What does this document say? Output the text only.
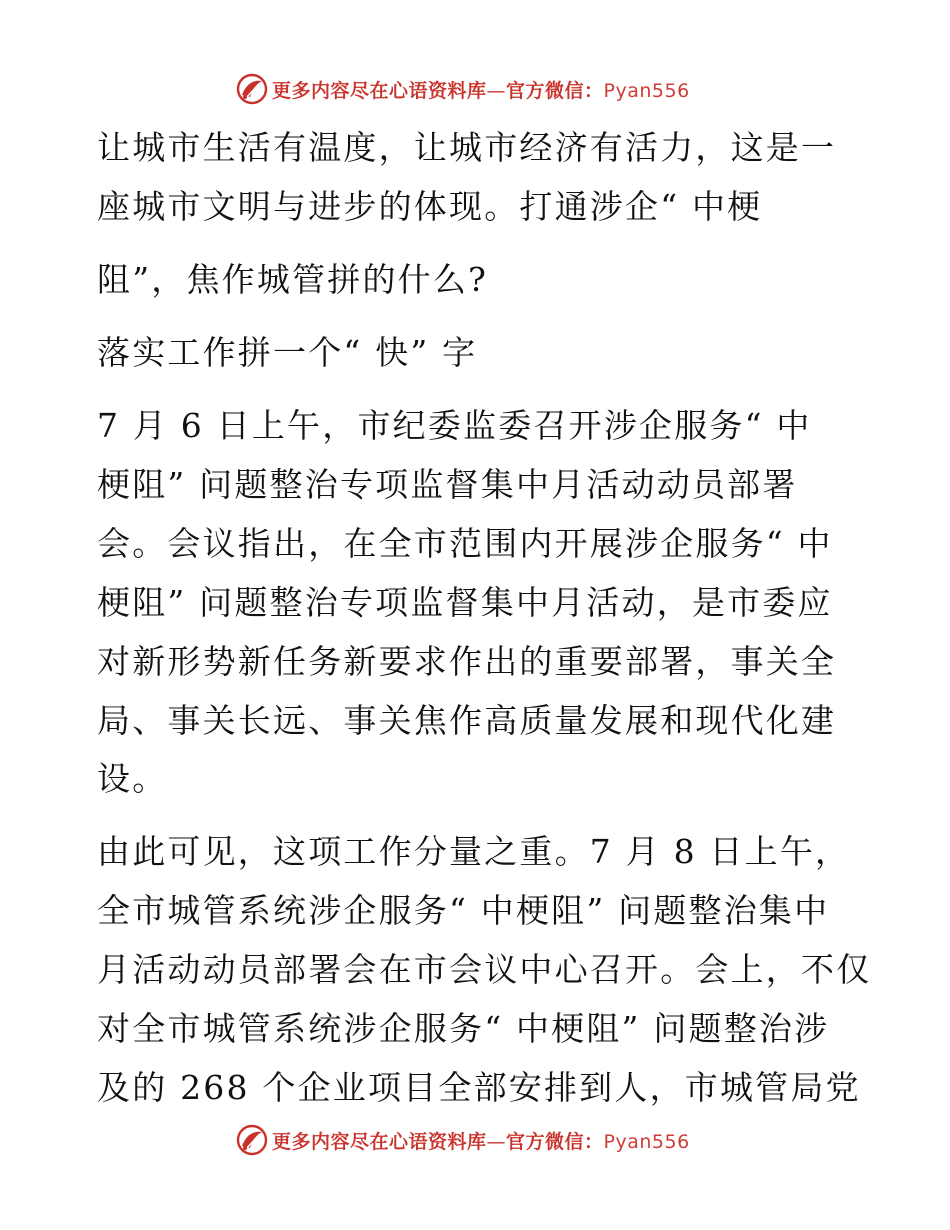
更多内容尽在心语资料库—官方微信：Pyan556
让城市生活有温度，让城市经济有活力，这是一
座城市文明与进步的体现。打通涉企“ 中梗
阻”，焦作城管拼的什么?
落实工作拼一个“ 快” 字
7 月 6 日上午，市纪委监委召开涉企服务“ 中
梗阻” 问题整治专项监督集中月活动动员部署
会。会议指出，在全市范围内开展涉企服务“ 中
梗阻” 问题整治专项监督集中月活动，是市委应
对新形势新任务新要求作出的重要部署，事关全
局、事关长远、事关焦作高质量发展和现代化建
设。
由此可见，这项工作分量之重。7 月 8 日上午，
全市城管系统涉企服务“ 中梗阻” 问题整治集中
月活动动员部署会在市会议中心召开。会上，不仅
对全市城管系统涉企服务“ 中梗阻” 问题整治涉
及的 268 个企业项目全部安排到人，市城管局党
更多内容尽在心语资料库—官方微信：Pyan556
